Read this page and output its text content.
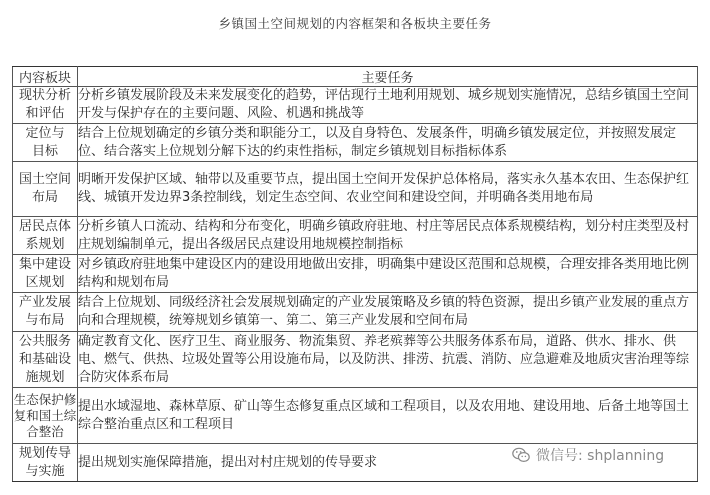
乡镇国土空间规划的内容框架和各板块主要任务
内容板块	主要任务
现状分析
和评估	分析乡镇发展阶段及未来发展变化的趋势，评估现行土地利用规划、城乡规划实施情况，总结乡镇国土空间开发与保护存在的主要问题、风险、机遇和挑战等
定位与
目标	结合上位规划确定的乡镇分类和职能分工，以及自身特色、发展条件，明确乡镇发展定位，并按照发展定位、结合落实上位规划分解下达的约束性指标，制定乡镇规划目标指标体系
国土空间
布局	明晰开发保护区域、轴带以及重要节点，提出国土空间开发保护总体格局，落实永久基本农田、生态保护红线、城镇开发边界3条控制线，划定生态空间、农业空间和建设空间，并明确各类用地布局
居民点体
系规划	分析乡镇人口流动、结构和分布变化，明确乡镇政府驻地、村庄等居民点体系规模结构，划分村庄类型及村庄规划编制单元，提出各级居民点建设用地规模控制指标
集中建设
区规划	对乡镇政府驻地集中建设区内的建设用地做出安排，明确集中建设区范围和总规模，合理安排各类用地比例结构和规划布局
产业发展
与布局	结合上位规划、同级经济社会发展规划确定的产业发展策略及乡镇的特色资源，提出乡镇产业发展的重点方向和合理规模，统筹规划乡镇第一、第二、第三产业发展和空间布局
公共服务
和基础设
施规划	确定教育文化、医疗卫生、商业服务、物流集贸、养老殡葬等公共服务体系布局，道路、供水、排水、供电、燃气、供热、垃圾处置等公用设施布局，以及防洪、排涝、抗震、消防、应急避难及地质灾害治理等综合防灾体系布局
生态保护修
复和国土综
合整治	提出水域湿地、森林草原、矿山等生态修复重点区域和工程项目，以及农用地、建设用地、后备土地等国土综合整治重点区和工程项目
规划传导
与实施	提出规划实施保障措施，提出对村庄规划的传导要求	微信号: shplanning
